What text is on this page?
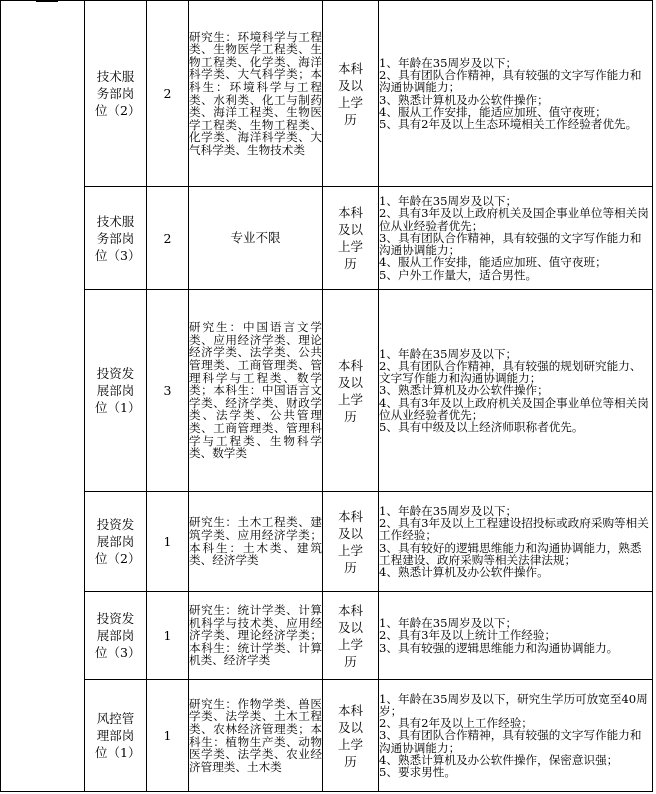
	技术服务部岗位（2）	2	研究生：环境科学与工程类、生物医学工程类、生物工程类、化学类、海洋科学类、大气科学类；本科生：环境科学与工程类、水利类、化工与制药类、海洋工程类、生物医学工程类、生物工程类、化学类、海洋科学类、大气科学类、生物技术类	本科及以上学历	1、年龄在35周岁及以下；
2、具有团队合作精神，具有较强的文字写作能力和沟通协调能力；
3、熟悉计算机及办公软件操作；
4、服从工作安排，能适应加班、值守夜班；
5、具有2年及以上生态环境相关工作经验者优先。

	技术服务部岗位（3）	2	专业不限	本科及以上学历	1、年龄在35周岁及以下；
2、具有3年及以上政府机关及国企事业单位等相关岗位从业经验者优先；
3、具有团队合作精神，具有较强的文字写作能力和沟通协调能力；
4、服从工作安排，能适应加班、值守夜班；
5、户外工作量大，适合男性。

	投资发展部岗位（1）	3	研究生：中国语言文学类、应用经济学类、理论经济学类、法学类、公共管理类、工商管理类、管理科学与工程类、数学类；本科生：中国语言文学类、经济学类、财政学类、法学类、公共管理类、工商管理类、管理科学与工程类、生物科学类、数学类	本科及以上学历	1、年龄在35周岁及以下；
2、具有团队合作精神，具有较强的规划研究能力、文字写作能力和沟通协调能力；
3、熟悉计算机及办公软件操作；
4、具有3年及以上政府机关及国企事业单位等相关岗位从业经验者优先；
5、具有中级及以上经济师职称者优先。

	投资发展部岗位（2）	1	研究生：土木工程类、建筑学类、应用经济学类；本科生：土木类、建筑类、经济学类	本科及以上学历	1、年龄在35周岁及以下；
2、具有3年及以上工程建设招投标或政府采购等相关工作经验；
3、具有较好的逻辑思维能力和沟通协调能力，熟悉工程建设、政府采购等相关法律法规；
4、熟悉计算机及办公软件操作。

	投资发展部岗位（3）	1	研究生：统计学类、计算机科学与技术类、应用经济学类、理论经济学类；本科生：统计学类、计算机类、经济学类	本科及以上学历	1、年龄在35周岁及以下；
2、具有3年及以上统计工作经验；
3、具有较强的逻辑思维能力和沟通协调能力。

	风控管理部岗位（1）	1	研究生：作物学类、兽医学类、法学类、土木工程类、农林经济管理类；本科生：植物生产类、动物医学类、法学类、农业经济管理类、土木类	本科及以上学历	1、年龄在35周岁及以下，研究生学历可放宽至40周岁；
2、具有2年及以上工作经验；
3、具有团队合作精神，具有较强的文字写作能力和沟通协调能力；
4、熟悉计算机及办公软件操作，保密意识强；
5、要求男性。
